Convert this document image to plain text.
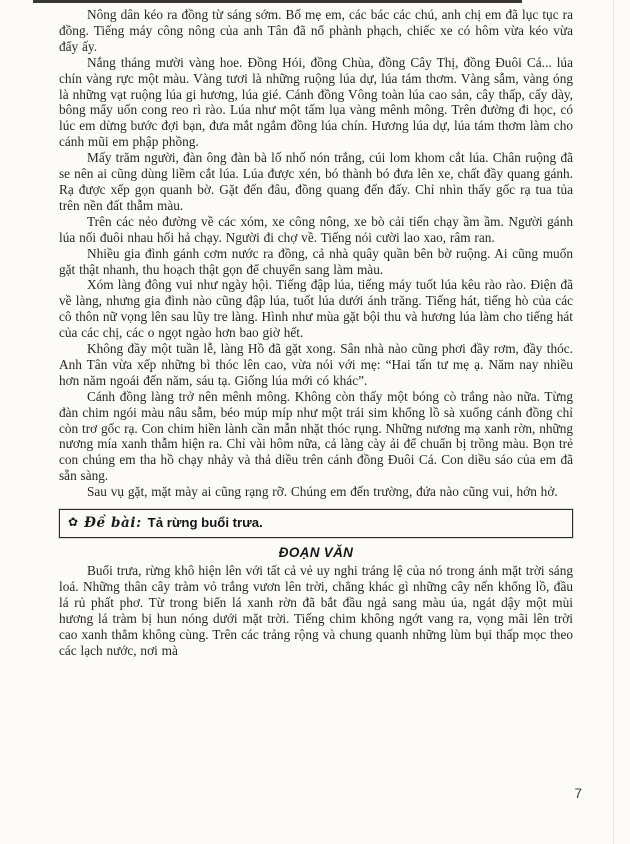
Nông dân kéo ra đồng từ sáng sớm. Bố mẹ em, các bác các chú, anh chị em đã lục tục ra đồng. Tiếng máy công nông của anh Tân đã nổ phành phạch, chiếc xe có hôm vừa kéo vừa đẩy ấy.

Nắng tháng mười vàng hoe. Đồng Hói, đồng Chùa, đồng Cây Thị, đồng Đuôi Cá... lúa chín vàng rực một màu. Vàng tươi là những ruộng lúa dự, lúa tám thơm. Vàng sẫm, vàng óng là những vạt ruộng lúa gi hương, lúa gié. Cánh đồng Vông toàn lúa cao sản, cây thấp, cấy dày, bông mẩy uốn cong reo rì rào. Lúa như một tấm lụa vàng mênh mông. Trên đường đi học, có lúc em dừng bước đợi bạn, đưa mắt ngắm đồng lúa chín. Hương lúa dự, lúa tám thơm làm cho cánh mũi em phập phồng.

Mấy trăm người, đàn ông đàn bà lố nhố nón trắng, cúi lom khom cắt lúa. Chân ruộng đã se nên ai cũng dùng liềm cắt lúa. Lúa được xén, bó thành bó đưa lên xe, chất đầy quang gánh. Rạ được xếp gọn quanh bờ. Gặt đến đâu, đồng quang đến đấy. Chỉ nhìn thấy gốc rạ tua tủa trên nền đất thẫm màu.

Trên các nẻo đường về các xóm, xe công nông, xe bò cải tiến chạy ầm ầm. Người gánh lúa nối đuôi nhau hối hả chạy. Người đi chợ về. Tiếng nói cười lao xao, râm ran.

Nhiều gia đình gánh cơm nước ra đồng, cả nhà quây quần bên bờ ruộng. Ai cũng muốn gặt thật nhanh, thu hoạch thật gọn để chuyển sang làm màu.

Xóm làng đông vui như ngày hội. Tiếng đập lúa, tiếng máy tuốt lúa kêu rào rào. Điện đã về làng, nhưng gia đình nào cũng đập lúa, tuốt lúa dưới ánh trăng. Tiếng hát, tiếng hò của các cô thôn nữ vọng lên sau lũy tre làng. Hình như mùa gặt bội thu và hương lúa làm cho tiếng hát của các chị, các o ngọt ngào hơn bao giờ hết.

Không đầy một tuần lễ, làng Hồ đã gặt xong. Sân nhà nào cũng phơi đầy rơm, đầy thóc. Anh Tân vừa xếp những bì thóc lên cao, vừa nói với mẹ: “Hai tấn tư mẹ ạ. Năm nay nhiều hơn năm ngoái đến năm, sáu tạ. Giống lúa mới có khác”.

Cánh đồng làng trở nên mênh mông. Không còn thấy một bóng cò trắng nào nữa. Từng đàn chim ngói màu nâu sẫm, béo múp míp như một trái sim khổng lồ sà xuống cánh đồng chỉ còn trơ gốc rạ. Con chim hiền lành cần mẫn nhặt thóc rụng. Những nương mạ xanh rờn, những nương mía xanh thẫm hiện ra. Chỉ vài hôm nữa, cả làng cày ải để chuẩn bị trồng màu. Bọn trẻ con chúng em tha hồ chạy nhảy và thả diều trên cánh đồng Đuôi Cá. Con diều sáo của em đã sẵn sàng.

Sau vụ gặt, mặt mày ai cũng rạng rỡ. Chúng em đến trường, đứa nào cũng vui, hớn hở.

✿ Đề bài: Tả rừng buổi trưa.
ĐOẠN VĂN

Buổi trưa, rừng khô hiện lên với tất cả vẻ uy nghi tráng lệ của nó trong ánh mặt trời sáng loá. Những thân cây tràm vỏ trắng vươn lên trời, chẳng khác gì những cây nến khổng lồ, đầu lá rủ phất phơ. Từ trong biển lá xanh rờn đã bắt đầu ngả sang màu úa, ngát dậy một mùi hương lá tràm bị hun nóng dưới mặt trời. Tiếng chim không ngớt vang ra, vọng mãi lên trời cao xanh thẳm không cùng. Trên các trảng rộng và chung quanh những lùm bụi thấp mọc theo các lạch nước, nơi mà

7
